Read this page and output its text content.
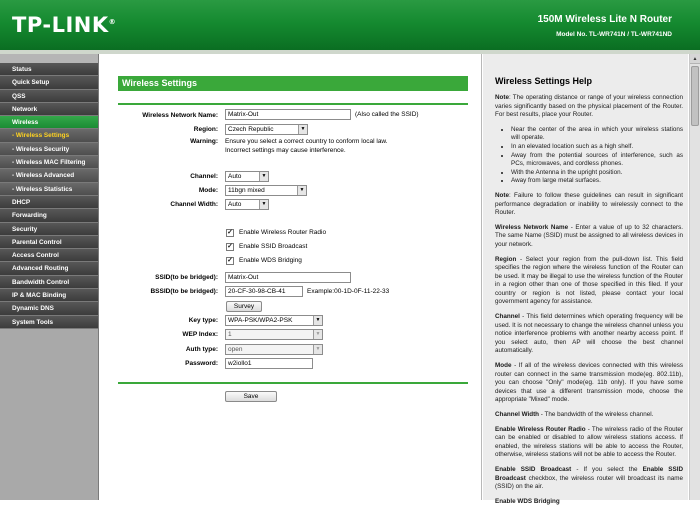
TP-LINK®	150M Wireless Lite N Router
Model No. TL-WR741N / TL-WR741ND
Status
Quick Setup
QSS
Network
Wireless
- Wireless Settings
- Wireless Security
- Wireless MAC Filtering
- Wireless Advanced
- Wireless Statistics
DHCP
Forwarding
Security
Parental Control
Access Control
Advanced Routing
Bandwidth Control
IP & MAC Binding
Dynamic DNS
System Tools
Wireless Settings
Wireless Network Name:	Matrix-Out	(Also called the SSID)
Region:	Czech Republic	▼
Warning: Ensure you select a correct country to conform local law.
Incorrect settings may cause interference.
Channel:	Auto	▼
Mode:	11bgn mixed	▼
Channel Width:	Auto	▼
✓ Enable Wireless Router Radio
✓ Enable SSID Broadcast
✓ Enable WDS Bridging
SSID(to be bridged):	Matrix-Out
BSSID(to be bridged):	20-CF-30-98-CB-41	Example:00-1D-0F-11-22-33
Survey
Key type:	WPA-PSK/WPA2-PSK	▼
WEP Index:	1	▼
Auth type:	open	▼
Password:	w2iollo1
Save
Wireless Settings Help

Note: The operating distance or range of your wireless connection varies significantly based on the physical placement of the Router. For best results, place your Router.

• Near the center of the area in which your wireless stations will operate.
• In an elevated location such as a high shelf.
• Away from the potential sources of interference, such as PCs, microwaves, and cordless phones.
• With the Antenna in the upright position.
• Away from large metal surfaces.

Note: Failure to follow these guidelines can result in significant performance degradation or inability to wirelessly connect to the Router.

Wireless Network Name - Enter a value of up to 32 characters. The same Name (SSID) must be assigned to all wireless devices in your network.

Region - Select your region from the pull-down list. This field specifies the region where the wireless function of the Router can be used. It may be illegal to use the wireless function of the Router in a region other than one of those specified in this filed. If your country or region is not listed, please contact your local government agency for assistance.

Channel - This field determines which operating frequency will be used. It is not necessary to change the wireless channel unless you notice interference problems with another nearby access point. If you select auto, then AP will choose the best channel automatically.

Mode - If all of the wireless devices connected with this wireless router can connect in the same transmission mode(eg. 802.11b), you can choose "Only" mode(eg. 11b only). If you have some devices that use a different transmission mode, choose the appropriate "Mixed" mode.

Channel Width - The bandwidth of the wireless channel.

Enable Wireless Router Radio - The wireless radio of the Router can be enabled or disabled to allow wireless stations access. If enabled, the wireless stations will be able to access the Router, otherwise, wireless stations will not be able to access the Router.

Enable SSID Broadcast - If you select the Enable SSID Broadcast checkbox, the wireless router will broadcast its name (SSID) on the air.

Enable WDS Bridging

▲
